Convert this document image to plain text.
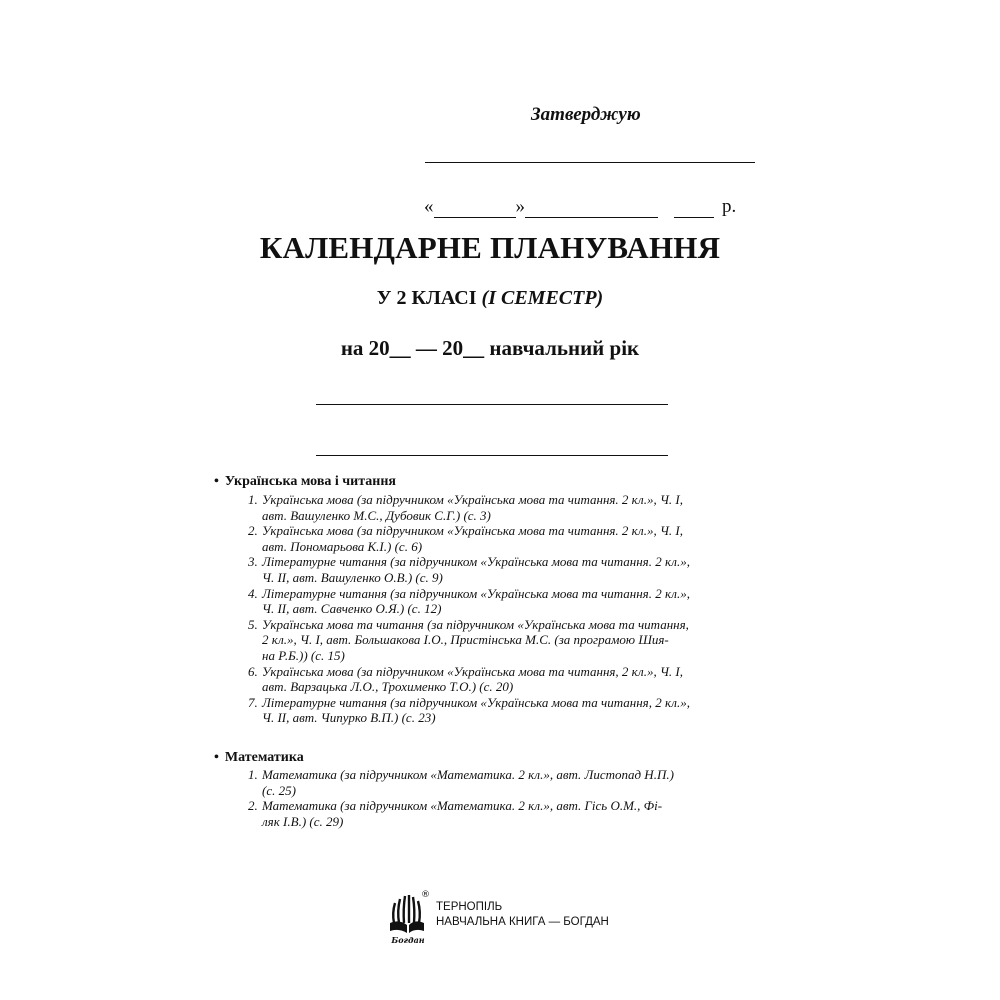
Затверджую
«	»	р.
КАЛЕНДАРНЕ ПЛАНУВАННЯ
У 2 КЛАСІ (І СЕМЕСТР)
на 20__ — 20__ навчальний рік
• Українська мова і читання
1. Українська мова (за підручником «Українська мова та читання. 2 кл.», Ч. І,
авт. Вашуленко М.С., Дубовик С.Г.) (с. 3)
2. Українська мова (за підручником «Українська мова та читання. 2 кл.», Ч. І,
авт. Пономарьова К.І.) (с. 6)
3. Літературне читання (за підручником «Українська мова та читання. 2 кл.»,
Ч. ІІ, авт. Вашуленко О.В.) (с. 9)
4. Літературне читання (за підручником «Українська мова та читання. 2 кл.»,
Ч. ІІ, авт. Савченко О.Я.) (с. 12)
5. Українська мова та читання (за підручником «Українська мова та читання,
2 кл.», Ч. І, авт. Большакова І.О., Пристінська М.С. (за програмою Шия-
на Р.Б.)) (с. 15)
6. Українська мова (за підручником «Українська мова та читання, 2 кл.», Ч. І,
авт. Варзацька Л.О., Трохименко Т.О.) (с. 20)
7. Літературне читання (за підручником «Українська мова та читання, 2 кл.»,
Ч. ІІ, авт. Чипурко В.П.) (с. 23)
• Математика
1. Математика (за підручником «Математика. 2 кл.», авт. Листопад Н.П.)
(с. 25)
2. Математика (за підручником «Математика. 2 кл.», авт. Гісь О.М., Фі-
ляк І.В.) (с. 29)
Богдан
®
ТЕРНОПІЛЬ
НАВЧАЛЬНА КНИГА — БОГДАН
